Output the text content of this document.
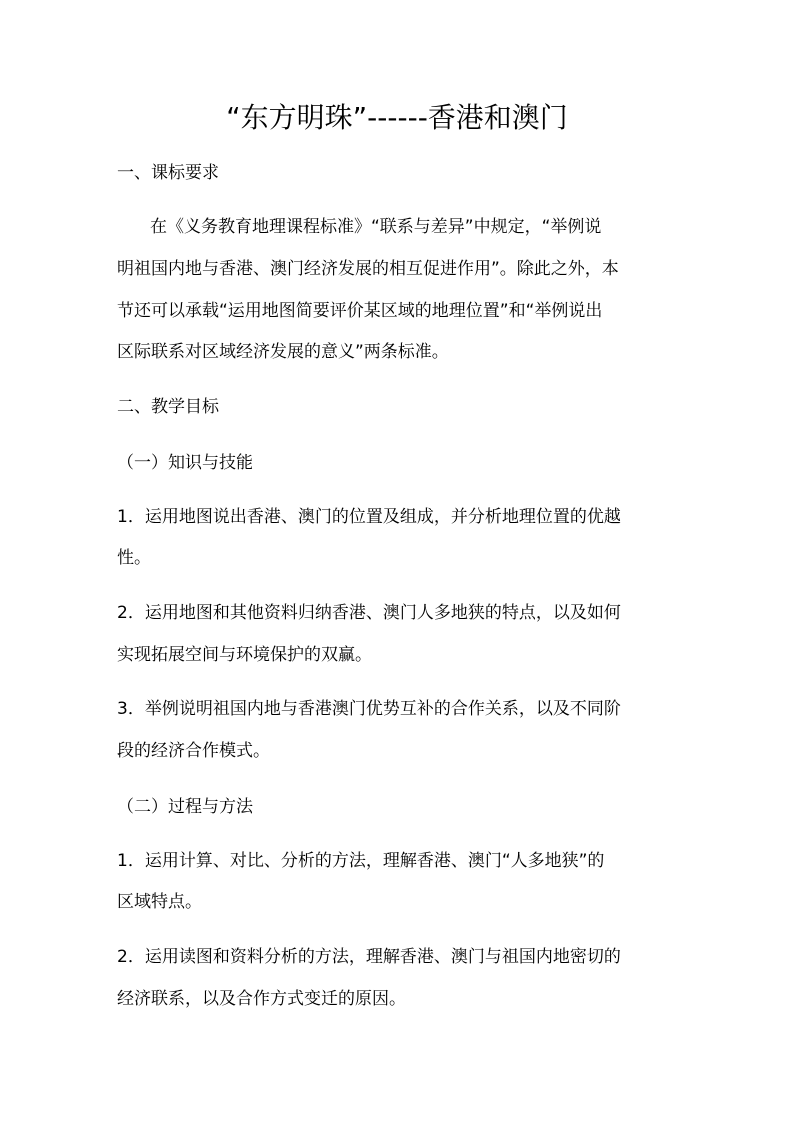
“东方明珠”------香港和澳门
一、课标要求
在《义务教育地理课程标准》“联系与差异”中规定，“举例说
明祖国内地与香港、澳门经济发展的相互促进作用”。除此之外，本
节还可以承载“运用地图简要评价某区域的地理位置”和“举例说出
区际联系对区域经济发展的意义”两条标准。
二、教学目标
（一）知识与技能
1．运用地图说出香港、澳门的位置及组成，并分析地理位置的优越
性。
2．运用地图和其他资料归纳香港、澳门人多地狭的特点，以及如何
实现拓展空间与环境保护的双赢。
3．举例说明祖国内地与香港澳门优势互补的合作关系，以及不同阶
段的经济合作模式。
（二）过程与方法
1．运用计算、对比、分析的方法，理解香港、澳门“人多地狭”的
区域特点。
2．运用读图和资料分析的方法，理解香港、澳门与祖国内地密切的
经济联系，以及合作方式变迁的原因。
